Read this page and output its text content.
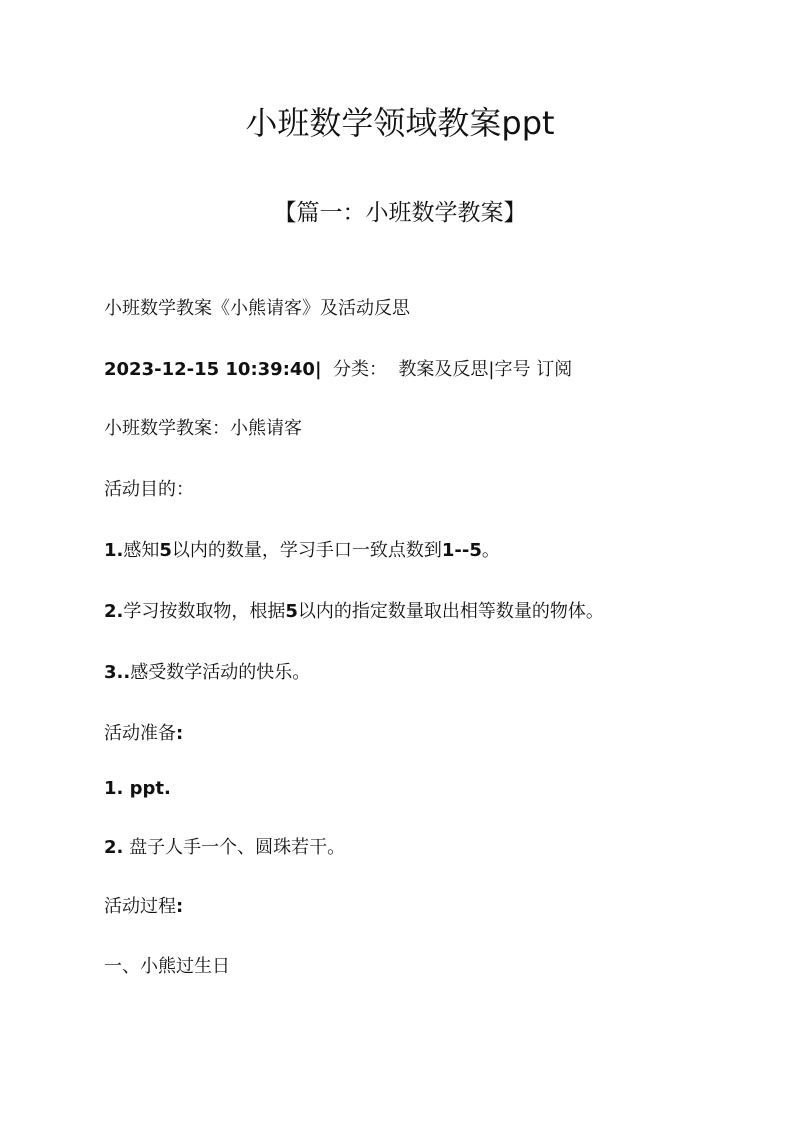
小班数学领域教案ppt
【篇一：小班数学教案】
小班数学教案《小熊请客》及活动反思
2023-12-15 10:39:40|  分类：  教案及反思|字号 订阅
小班数学教案：小熊请客
活动目的：
1.感知5以内的数量，学习手口一致点数到1--5。
2.学习按数取物，根据5以内的指定数量取出相等数量的物体。
3..感受数学活动的快乐。
活动准备:
1. ppt.
2. 盘子人手一个、圆珠若干。
活动过程:
一、小熊过生日
